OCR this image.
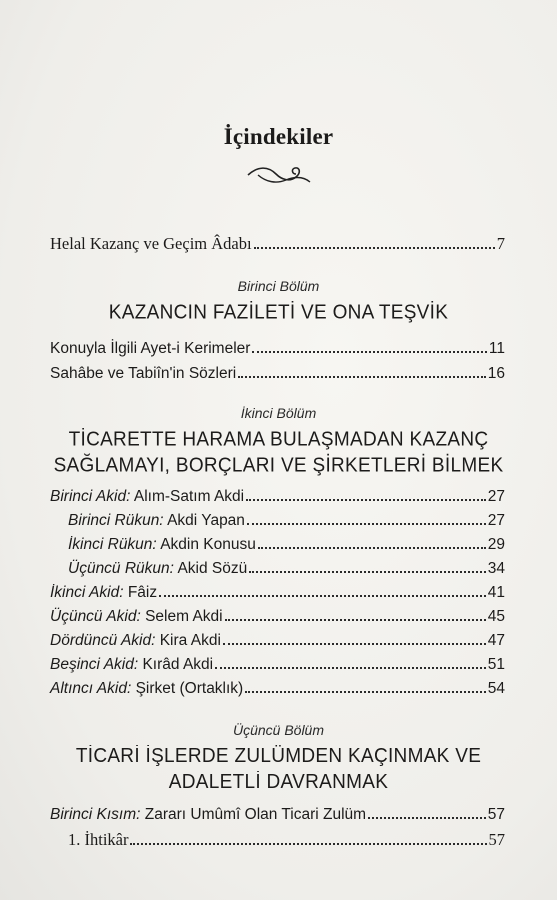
İçindekiler
Helal Kazanç ve Geçim Âdabı	7
Birinci Bölüm
KAZANCIN FAZİLETİ VE ONA TEŞVİK
Konuyla İlgili Ayet-i Kerimeler	11
Sahâbe ve Tabiîn'in Sözleri	16
İkinci Bölüm
TİCARETTE HARAMA BULAŞMADAN KAZANÇ
SAĞLAMAYI, BORÇLARI VE ŞİRKETLERİ BİLMEK
Birinci Akid: Alım-Satım Akdi	27
Birinci Rükun: Akdi Yapan	27
İkinci Rükun: Akdin Konusu	29
Üçüncü Rükun: Akid Sözü	34
İkinci Akid: Fâiz	41
Üçüncü Akid: Selem Akdi	45
Dördüncü Akid: Kira Akdi	47
Beşinci Akid: Kırâd Akdi	51
Altıncı Akid: Şirket (Ortaklık)	54
Üçüncü Bölüm
TİCARİ İŞLERDE ZULÜMDEN KAÇINMAK VE
ADALETLİ DAVRANMAK
Birinci Kısım: Zararı Umûmî Olan Ticari Zulüm	57
1. İhtikâr	57
